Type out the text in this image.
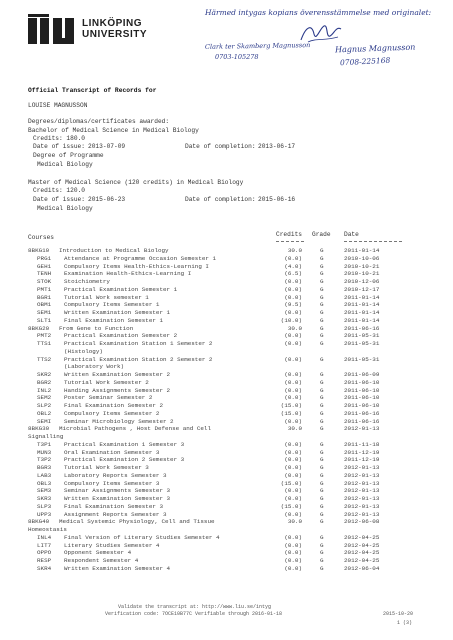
LINKÖPING
UNIVERSITY
Härmed intygas kopians överensstämmelse med originalet:
Clark ter Skamberg Magnusson
0703-105278
Hagnus Magnusson
0708-225168
Official Transcript of Records for
LOUISE MAGNUSSON
Degrees/diplomas/certificates awarded:
Bachelor of Medical Science in Medical Biology
Credits: 180.0
Date of issue: 2013-07-09	Date of completion: 2013-06-17
Degree of Programme
Medical Biology
Master of Medical Science (120 credits) in Medical Biology
Credits: 120.0
Date of issue: 2015-06-23	Date of completion: 2015-06-16
Medical Biology
Courses	Credits Grade Date
8BKG10 Introduction to Medical Biology	30.0	G	2011-01-14
PRG1 Attendance at Programme Occasion Semester 1	(0.0)	G	2010-10-06
GEH1 Compulsory Items Health-Ethics-Learning I	(4.0)	G	2010-10-21
TENH Examination Health-Ethics-Learning I	(6.5)	G	2010-10-21
STOK Stoichiometry	(0.0)	G	2010-12-06
PMT1 Practical Examination Semester 1	(0.0)	G	2010-12-17
BGR1 Tutorial Work semester 1	(0.0)	G	2011-01-14
OBM1 Compulsory Items Semester 1	(9.5)	G	2011-01-14
SEM1 Written Examination Semester 1	(0.0)	G	2011-01-14
SLT1 Final Examination Semester 1	(10.0)	G	2011-01-14
8BKG20 From Gene to Function	30.0	G	2011-06-16
PMT2 Practical Examination Semester 2	(0.0)	G	2011-05-31
TTS1 Practical Examination Station 1 Semester 2	(0.0)	G	2011-05-31
(Histology)
TTS2 Practical Examination Station 2 Semester 2	(0.0)	G	2011-05-31
(Laboratory Work)
SKR2 Written Examination Semester 2	(0.0)	G	2011-06-09
BGR2 Tutorial Work Semester 2	(0.0)	G	2011-06-10
INL2 Handing Assignments Semester 2	(0.0)	G	2011-06-10
SEM2 Poster Seminar Semester 2	(0.0)	G	2011-06-10
SLP2 Final Examination Semester 2	(15.0)	G	2011-06-10
OBL2 Compulsory Items Semester 2	(15.0)	G	2011-06-16
SEMI Seminar Microbiology Semester 2	(0.0)	G	2011-06-16
8BKG30 Microbial Pathogens , Host Defense and Cell	30.0	G	2012-01-13
Signalling
T3P1 Practical Examination 1 Semester 3	(0.0)	G	2011-11-18
MUN3 Oral Examination Semester 3	(0.0)	G	2011-12-19
T3P2 Practical Examination 2 Semester 3	(0.0)	G	2011-12-19
BGR3 Tutorial Work Semester 3	(0.0)	G	2012-01-13
LAB3 Laboratory Reports Semester 3	(0.0)	G	2012-01-13
OBL3 Compulsory Items Semester 3	(15.0)	G	2012-01-13
SEM3 Seminar Assignments Semester 3	(0.0)	G	2012-01-13
SKR3 Written Examination Semester 3	(0.0)	G	2012-01-13
SLP3 Final Examination Semester 3	(15.0)	G	2012-01-13
UPP3 Assignment Reports Semester 3	(0.0)	G	2012-01-13
8BKG40 Medical Systemic Physiology, Cell and Tissue	30.0	G	2012-06-08
Homeostasis
INL4 Final Version of Literary Studies Semester 4	(0.0)	G	2012-04-25
LIT7 Literary Studies Semester 4	(0.0)	G	2012-04-25
OPPO Opponent Semester 4	(0.0)	G	2012-04-25
RESP Respondent Semester 4	(0.0)	G	2012-04-25
SKR4 Written Examination Semester 4	(0.0)	G	2012-06-04
Validate the transcript at: http://www.liu.se/intyg
Verification code: 7OCE10B77C Verifiable through 2016-01-18	2015-10-20
1 (3)
